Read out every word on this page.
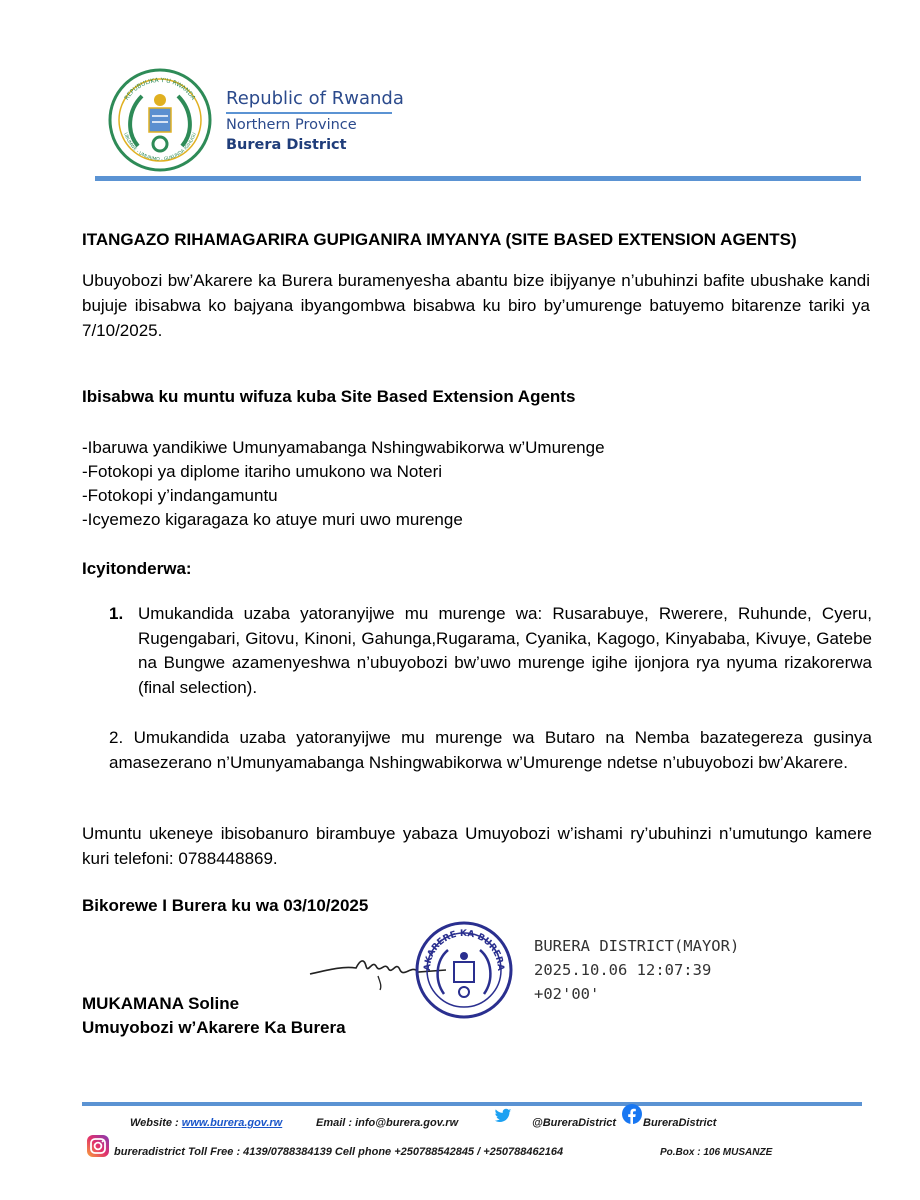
REPUBULIKA Y'U RWANDA
UBUMWE - UMURIMO - GUKUNDA IGIHUGU
Republic of Rwanda
Northern Province
Burera District
ITANGAZO RIHAMAGARIRA GUPIGANIRA IMYANYA (SITE BASED EXTENSION AGENTS)
Ubuyobozi bw’Akarere ka Burera buramenyesha abantu bize ibijyanye n’ubuhinzi bafite ubushake kandi bujuje ibisabwa ko bajyana ibyangombwa bisabwa ku biro by’umurenge batuyemo bitarenze tariki ya 7/10/2025.
Ibisabwa ku muntu wifuza kuba Site Based Extension Agents
-Ibaruwa yandikiwe Umunyamabanga Nshingwabikorwa w’Umurenge
-Fotokopi ya diplome itariho umukono wa Noteri
-Fotokopi y’indangamuntu
-Icyemezo kigaragaza ko atuye muri uwo murenge
Icyitonderwa:
1. Umukandida uzaba yatoranyijwe mu murenge wa: Rusarabuye, Rwerere, Ruhunde, Cyeru, Rugengabari, Gitovu, Kinoni, Gahunga,Rugarama, Cyanika, Kagogo, Kinyababa, Kivuye, Gatebe na Bungwe azamenyeshwa n’ubuyobozi bw’uwo murenge igihe ijonjora rya nyuma rizakorerwa (final selection).
2. Umukandida uzaba yatoranyijwe mu murenge wa Butaro na Nemba bazategereza gusinya amasezerano n’Umunyamabanga Nshingwabikorwa w’Umurenge ndetse n’ubuyobozi bw’Akarere.
Umuntu ukeneye ibisobanuro birambuye yabaza Umuyobozi w’ishami ry’ubuhinzi n’umutungo kamere kuri telefoni: 0788448869.
Bikorewe I Burera ku wa 03/10/2025
AKARERE KA BURERA
BURERA DISTRICT(MAYOR)
2025.10.06 12:07:39
+02'00'
MUKAMANA Soline
Umuyobozi w’Akarere Ka Burera
Website : www.burera.gov.rw	Email : info@burera.gov.rw	@BureraDistrict BureraDistrict
bureradistrict Toll Free : 4139/0788384139 Cell phone +250788542845 / +250788462164	Po.Box : 106 MUSANZE
